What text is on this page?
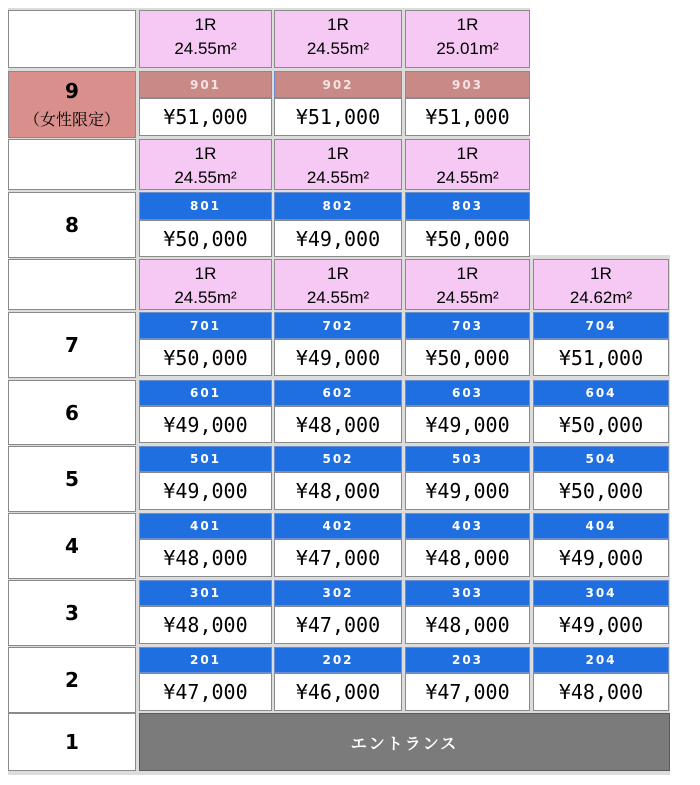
9
（女性限定）
1R
24.55m²
901
¥51,000
1R
24.55m²
902
¥51,000
1R
25.01m²
903
¥51,000
8
1R
24.55m²
801
¥50,000
1R
24.55m²
802
¥49,000
1R
24.55m²
803
¥50,000
7
1R
24.55m²
701
¥50,000
1R
24.55m²
702
¥49,000
1R
24.55m²
703
¥50,000
1R
24.62m²
704
¥51,000
6
601
¥49,000
602
¥48,000
603
¥49,000
604
¥50,000
5
501
¥49,000
502
¥48,000
503
¥49,000
504
¥50,000
4
401
¥48,000
402
¥47,000
403
¥48,000
404
¥49,000
3
301
¥48,000
302
¥47,000
303
¥48,000
304
¥49,000
2
201
¥47,000
202
¥46,000
203
¥47,000
204
¥48,000
1	エントランス
